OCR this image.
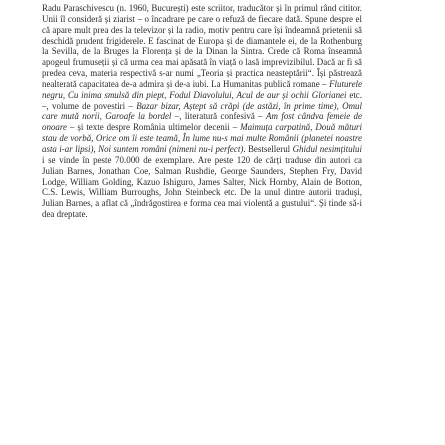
Radu Paraschivescu (n. 1960, București) este scriitor, traducător și în primul rând cititor. Unii îl consideră și ziarist – o încadrare pe care o refuză de fiecare dată. Spune despre el că apare mult prea des la televizor și la radio, motiv pentru care își îndeamnă prietenii să deschidă prudent frigiderele. E fascinat de Europa și de diamantele ei, de la Rothenburg la Sevilla, de la Bruges la Florența și de la Dinan la Sintra. Crede că Roma înseamnă apogeul frumuseții și că urma cea mai apăsată în viață o lasă imprevizibilul. Dacă ar fi să predea ceva, materia respectivă s-ar numi „Teoria și practica neasteptării“. Își păstrează nealterată capacitatea de-a admira și de-a iubi. La Humanitas publică romane – Fluturele negru, Cu inima smulsă din piept, Fodul Diavolului, Acul de aur și ochii Glorianei etc. –, volume de povestiri – Bazar bizar, Aștept să crăpi (de astăzi, în prime time), Omul care mută norii, Garoafe la bordel –, literatură confesivă – Am fost cândva femeie de onoare – și texte despre România ultimelor decenii – Maimuța carpatină, Două mături stau de vorbă, Orice om îi este teamă, În lume nu-s mai multe Românii (planetei noastre asta i-ar lipsi), Noi suntem români (nimeni nu-i perfect). Bestsellerul Ghidul nesimțitului i se vinde în peste 70.000 de exemplare. Are peste 120 de cărți traduse din autori ca Julian Barnes, Jonathan Coe, Salman Rushdie, George Saunders, Stephen Fry, David Lodge, William Golding, Kazuo Ishiguro, James Salter, Nick Hornby, Alain de Botton, C.S. Lewis, William Burroughs, John Steinbeck etc. De la unul dintre autorii traduși, Julian Barnes, a aflat că „îndrăgostirea e forma cea mai violentă a gustului“. Și tinde să-i dea dreptate.
